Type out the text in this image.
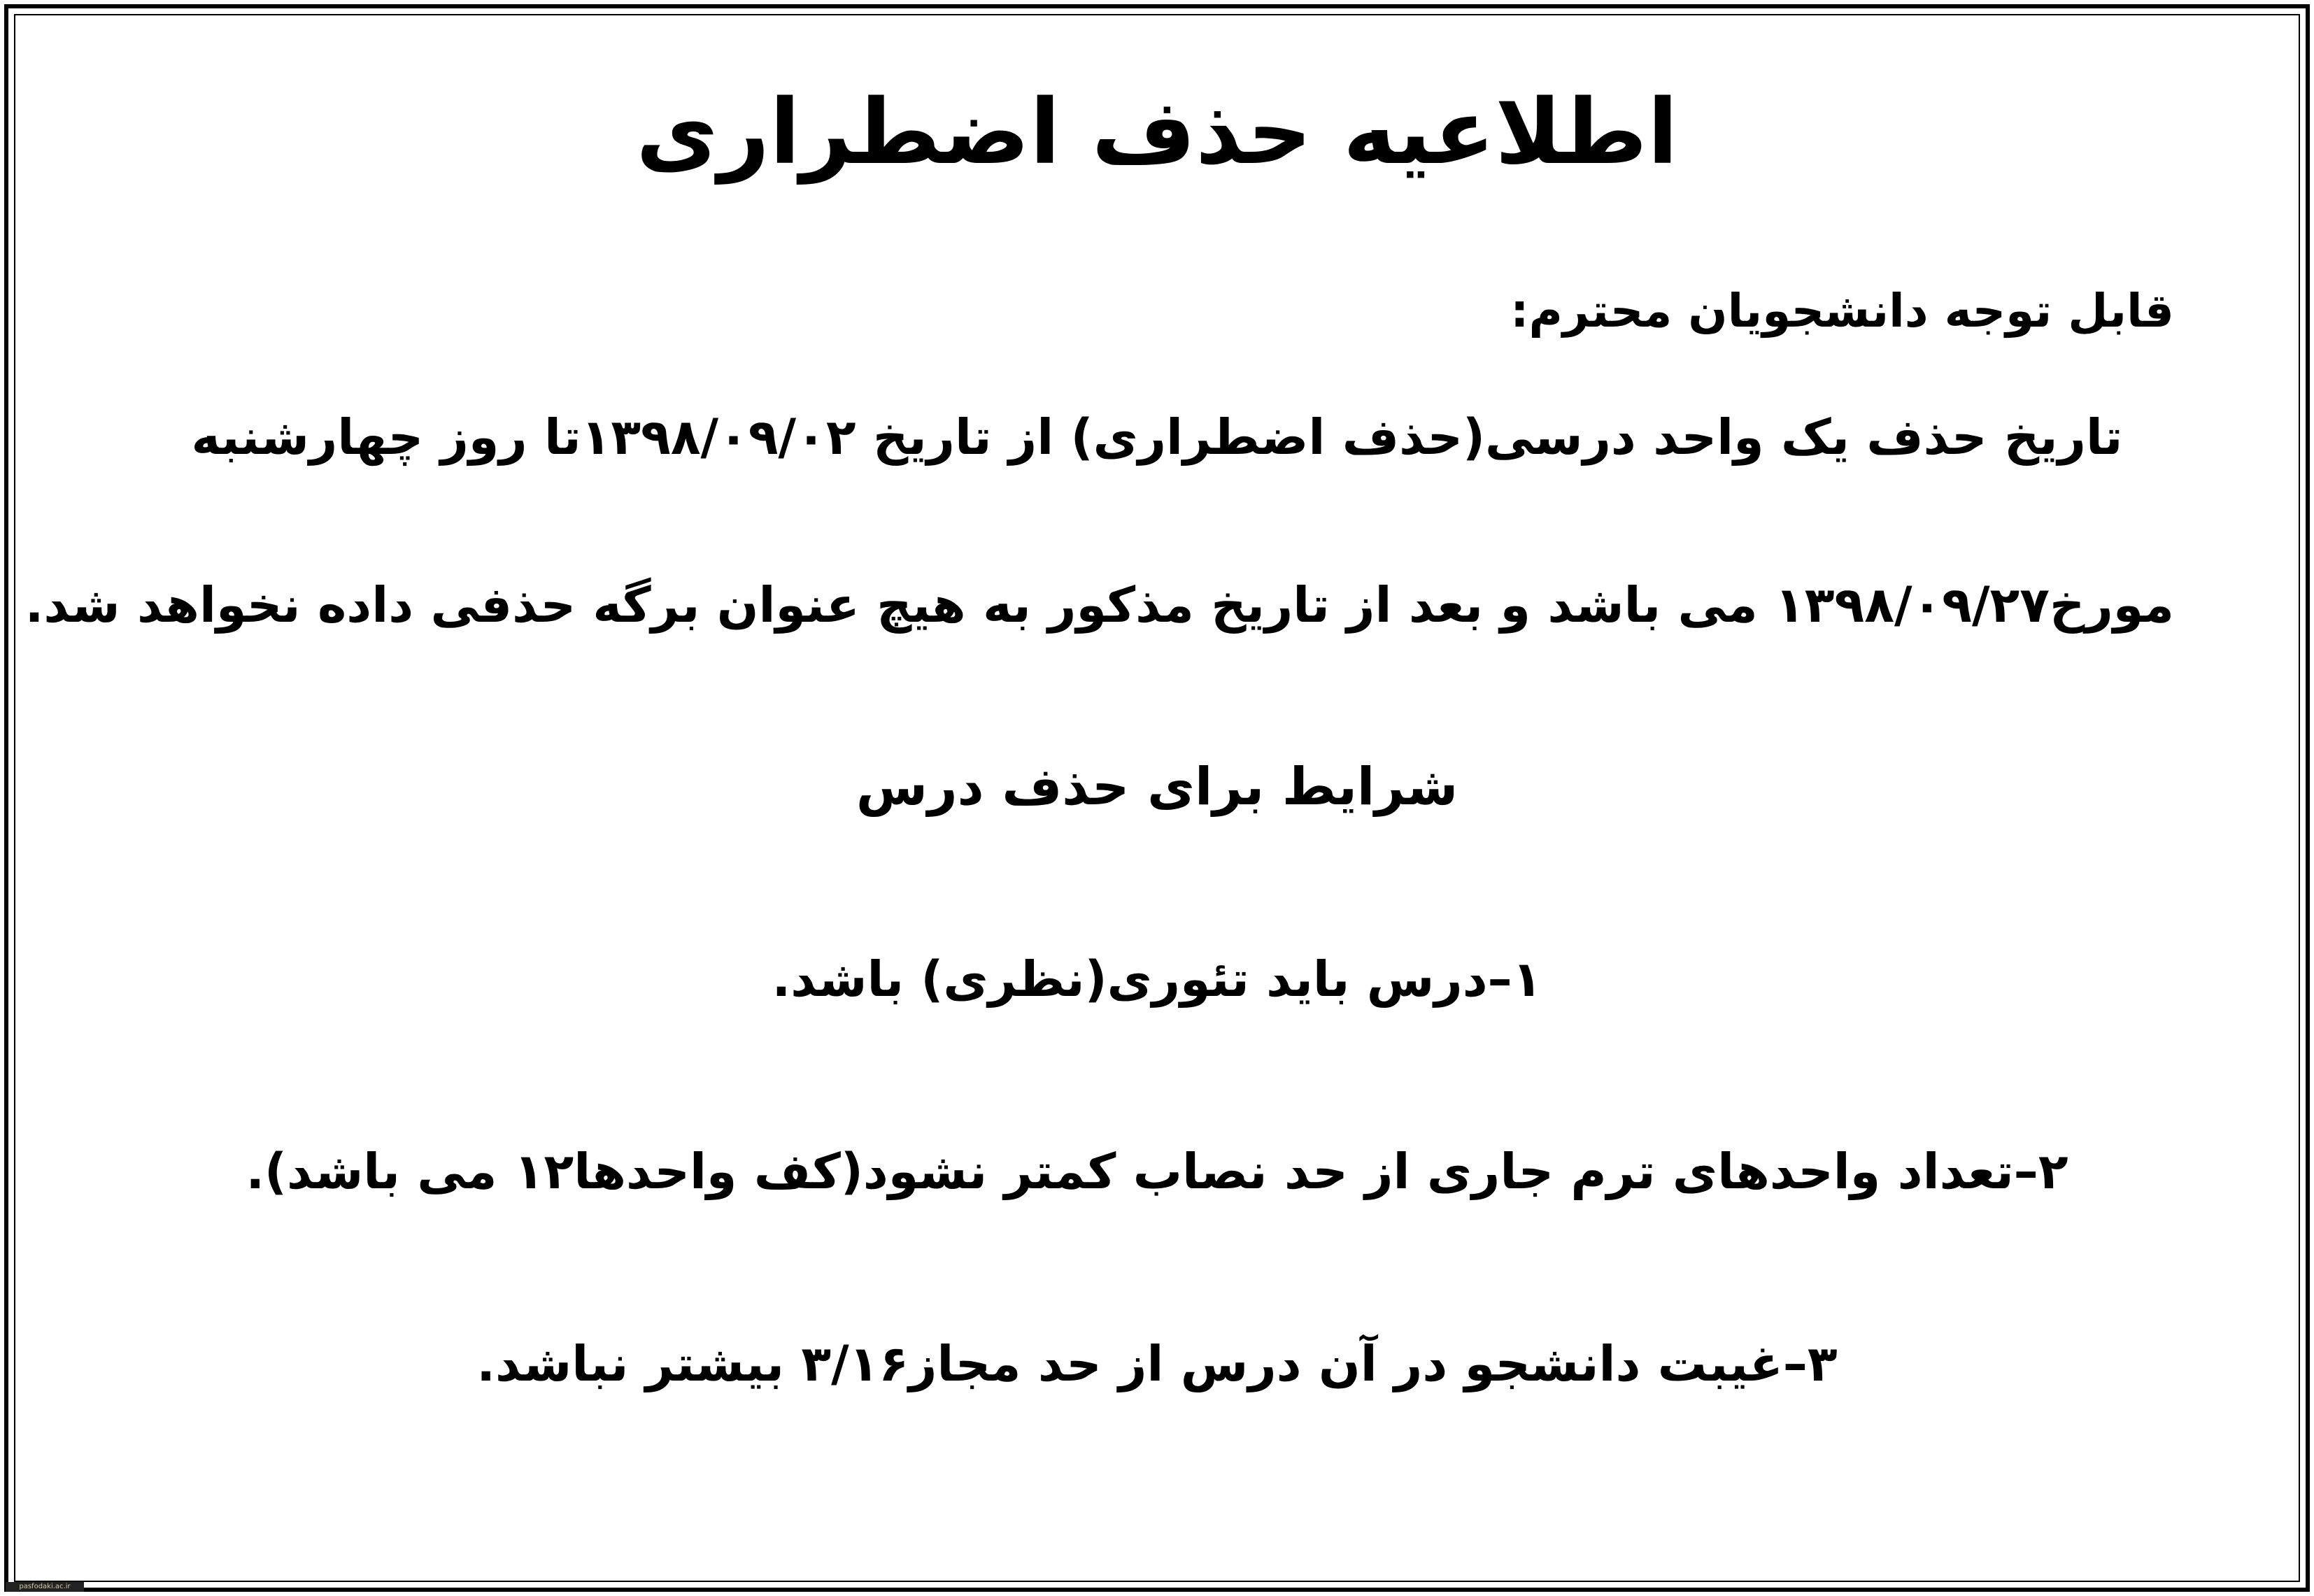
اطلاعیه حذف اضطراری
قابل توجه دانشجویان محترم:
تاریخ حذف یک واحد درسی(حذف اضطراری) از تاریخ ۱۳۹۸/۰۹/۰۲تا روز چهارشنبه
مورخ۱۳۹۸/۰۹/۲۷ می باشد و بعد از تاریخ مذکور به هیچ عنوان برگه حذفی داده نخواهد شد.
شرایط برای حذف درس
۱–درس باید تئوری(نظری) باشد.
۲–تعداد واحدهای ترم جاری از حد نصاب کمتر نشود(کف واحدها۱۲ می باشد).
۳–غیبت دانشجو در آن درس از حد مجاز۳/۱۶ بیشتر نباشد.
pasfodaki.ac.ir
